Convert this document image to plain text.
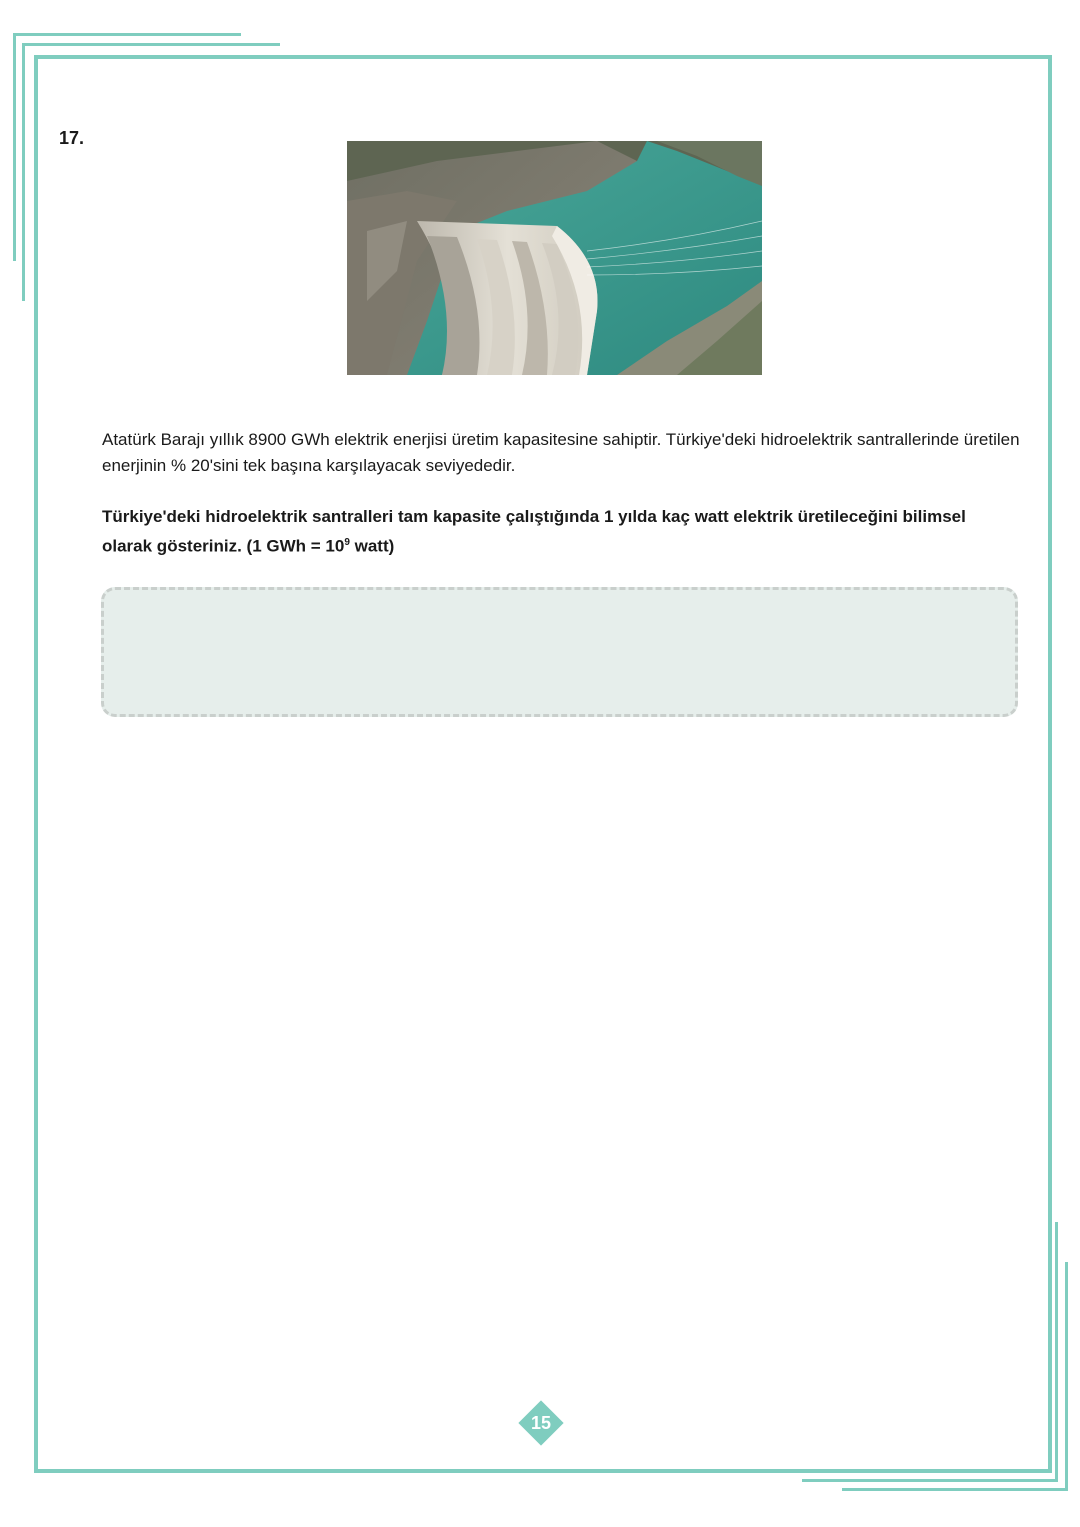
17.

Atatürk Barajı yıllık 8900 GWh elektrik enerjisi üretim kapasitesine sahiptir. Türkiye'deki hidroelektrik santrallerinde üretilen enerjinin % 20'sini tek başına karşılayacak seviyededir.

Türkiye'deki hidroelektrik santralleri tam kapasite çalıştığında 1 yılda kaç watt elektrik üretileceğini bilimsel olarak gösteriniz. (1 GWh = $10^9$ watt)

15
